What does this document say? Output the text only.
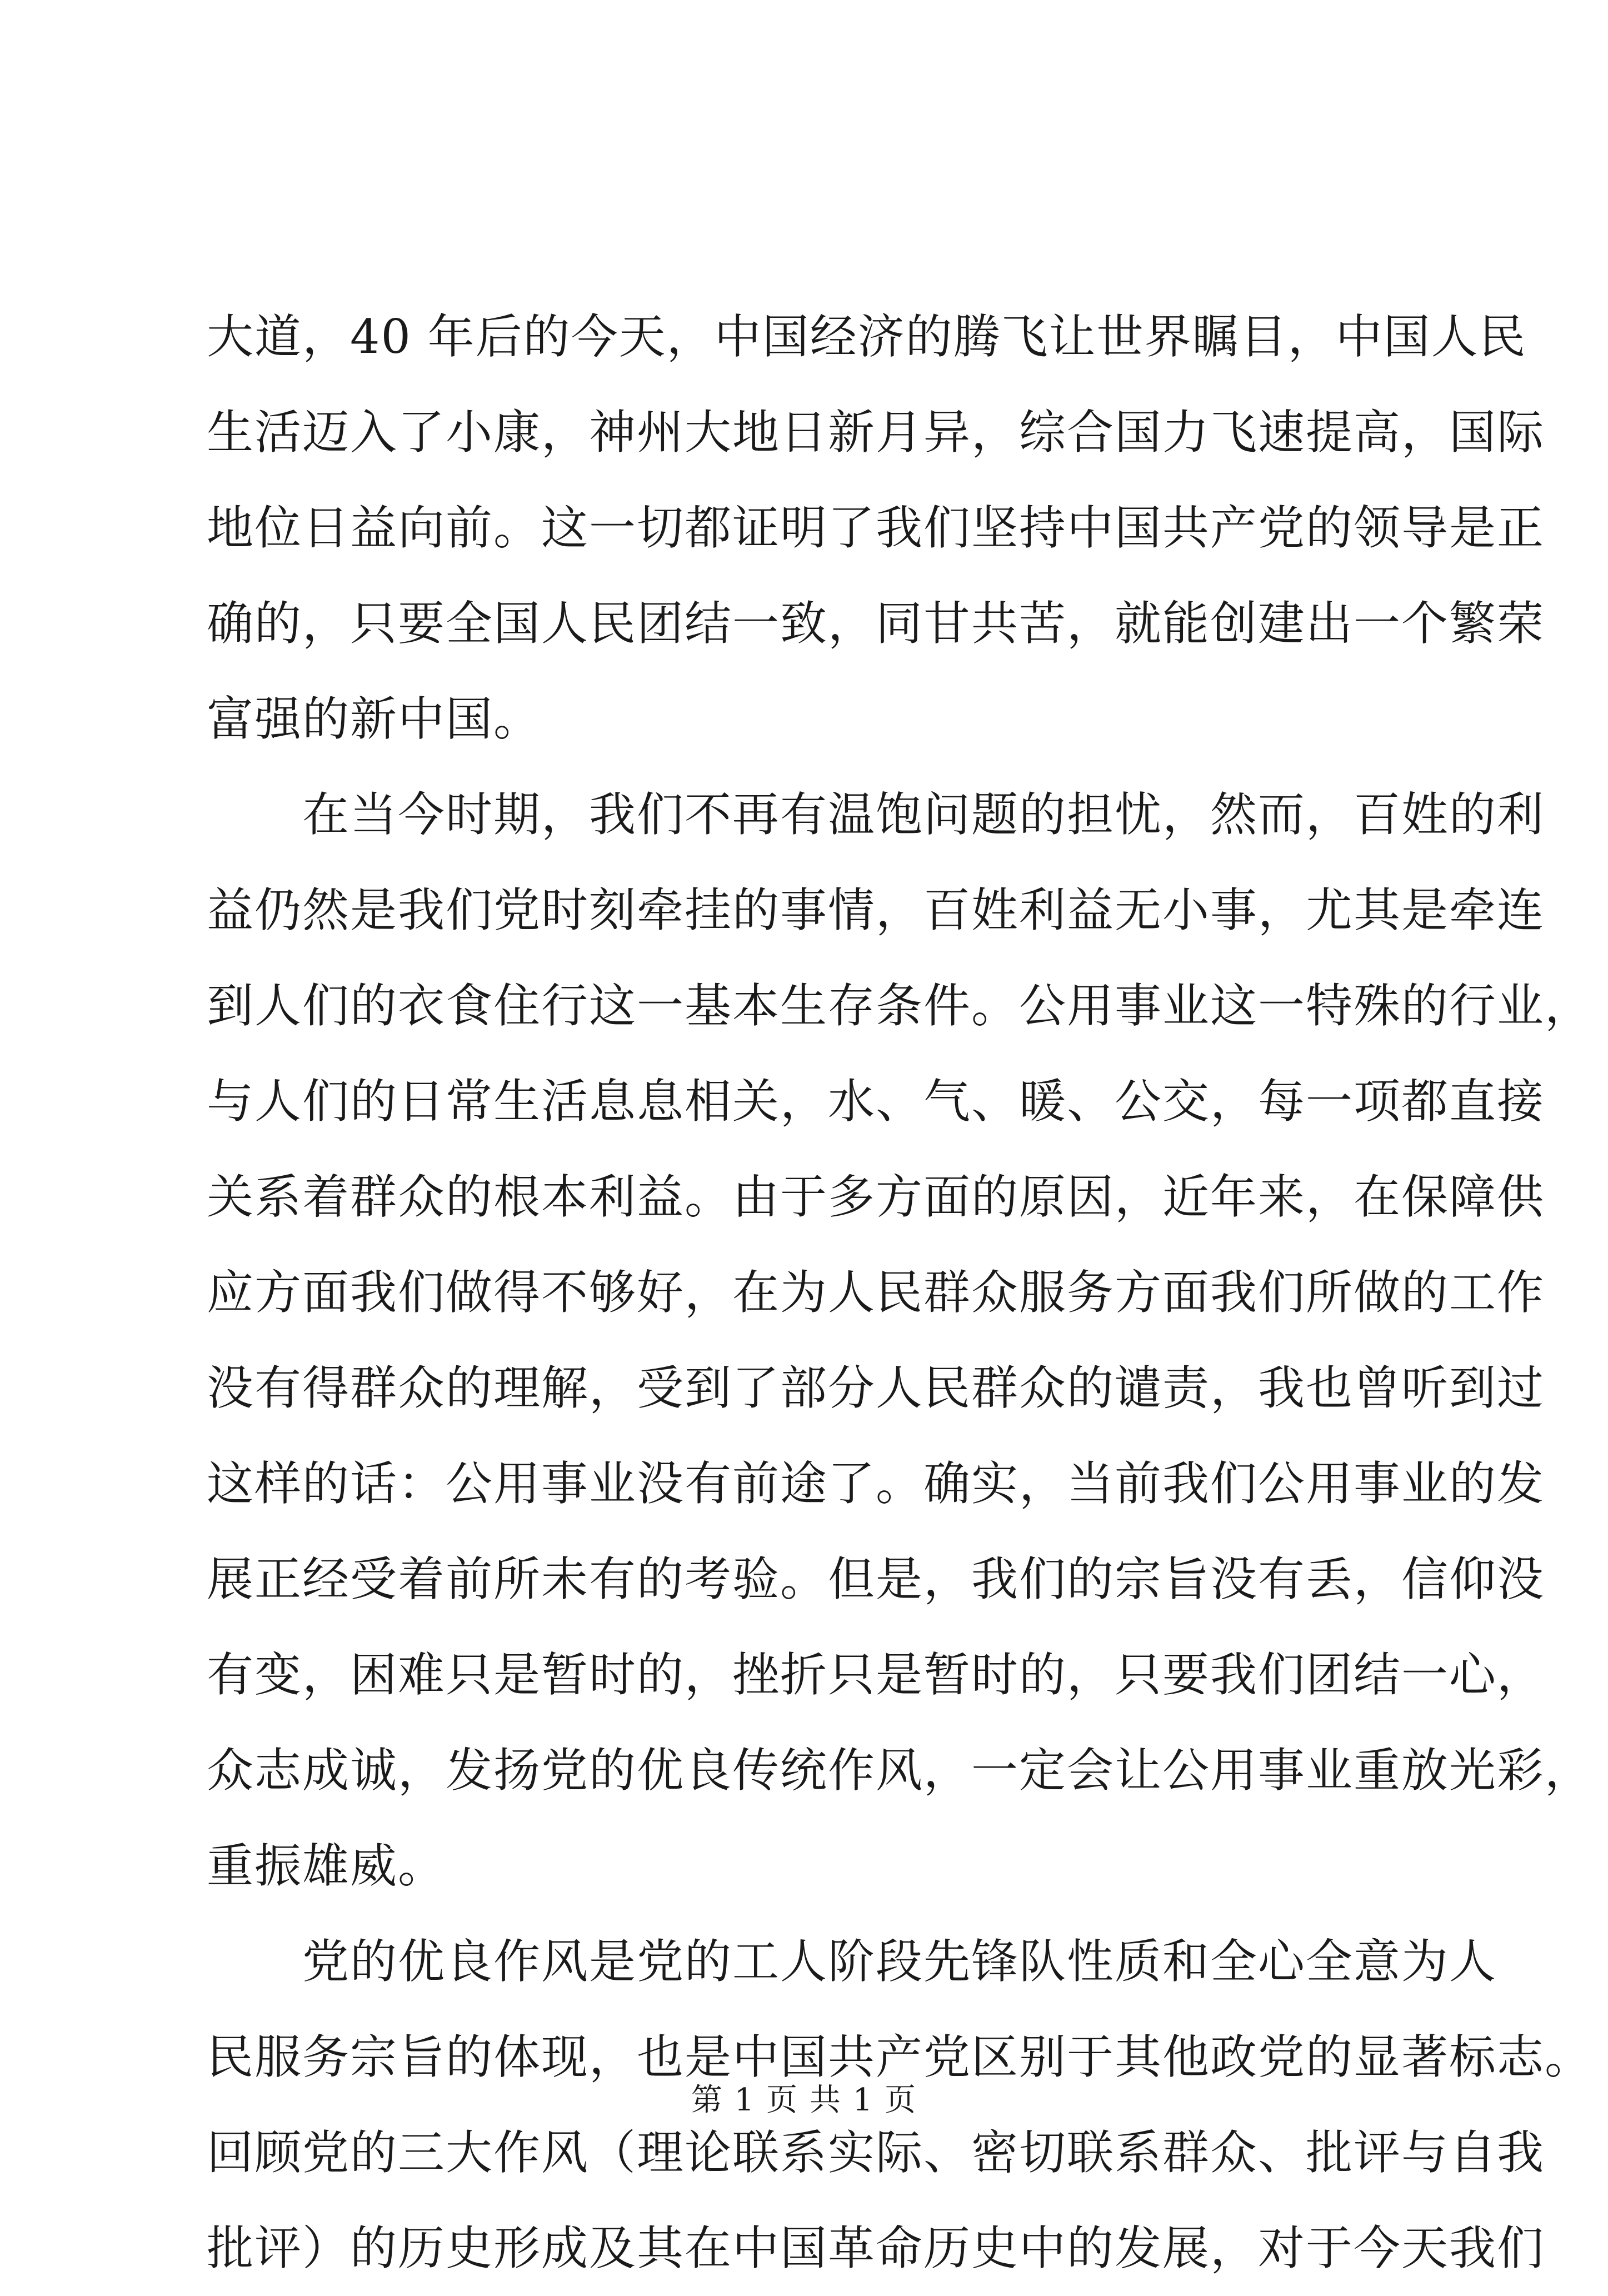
大道，40 年后的今天，中国经济的腾飞让世界瞩目，中国人民
生活迈入了小康，神州大地日新月异，综合国力飞速提高，国际
地位日益向前。这一切都证明了我们坚持中国共产党的领导是正
确的，只要全国人民团结一致，同甘共苦，就能创建出一个繁荣
富强的新中国。
在当今时期，我们不再有温饱问题的担忧，然而，百姓的利
益仍然是我们党时刻牵挂的事情，百姓利益无小事，尤其是牵连
到人们的衣食住行这一基本生存条件。公用事业这一特殊的行业，
与人们的日常生活息息相关，水、气、暖、公交，每一项都直接
关系着群众的根本利益。由于多方面的原因，近年来，在保障供
应方面我们做得不够好，在为人民群众服务方面我们所做的工作
没有得群众的理解，受到了部分人民群众的谴责，我也曾听到过
这样的话：公用事业没有前途了。确实，当前我们公用事业的发
展正经受着前所未有的考验。但是，我们的宗旨没有丢，信仰没
有变，困难只是暂时的，挫折只是暂时的，只要我们团结一心，
众志成诚，发扬党的优良传统作风，一定会让公用事业重放光彩，
重振雄威。
党的优良作风是党的工人阶段先锋队性质和全心全意为人
民服务宗旨的体现，也是中国共产党区别于其他政党的显著标志。
回顾党的三大作风（理论联系实际、密切联系群众、批评与自我
批评）的历史形成及其在中国革命历史中的发展，对于今天我们
第 1 页 共 1 页
